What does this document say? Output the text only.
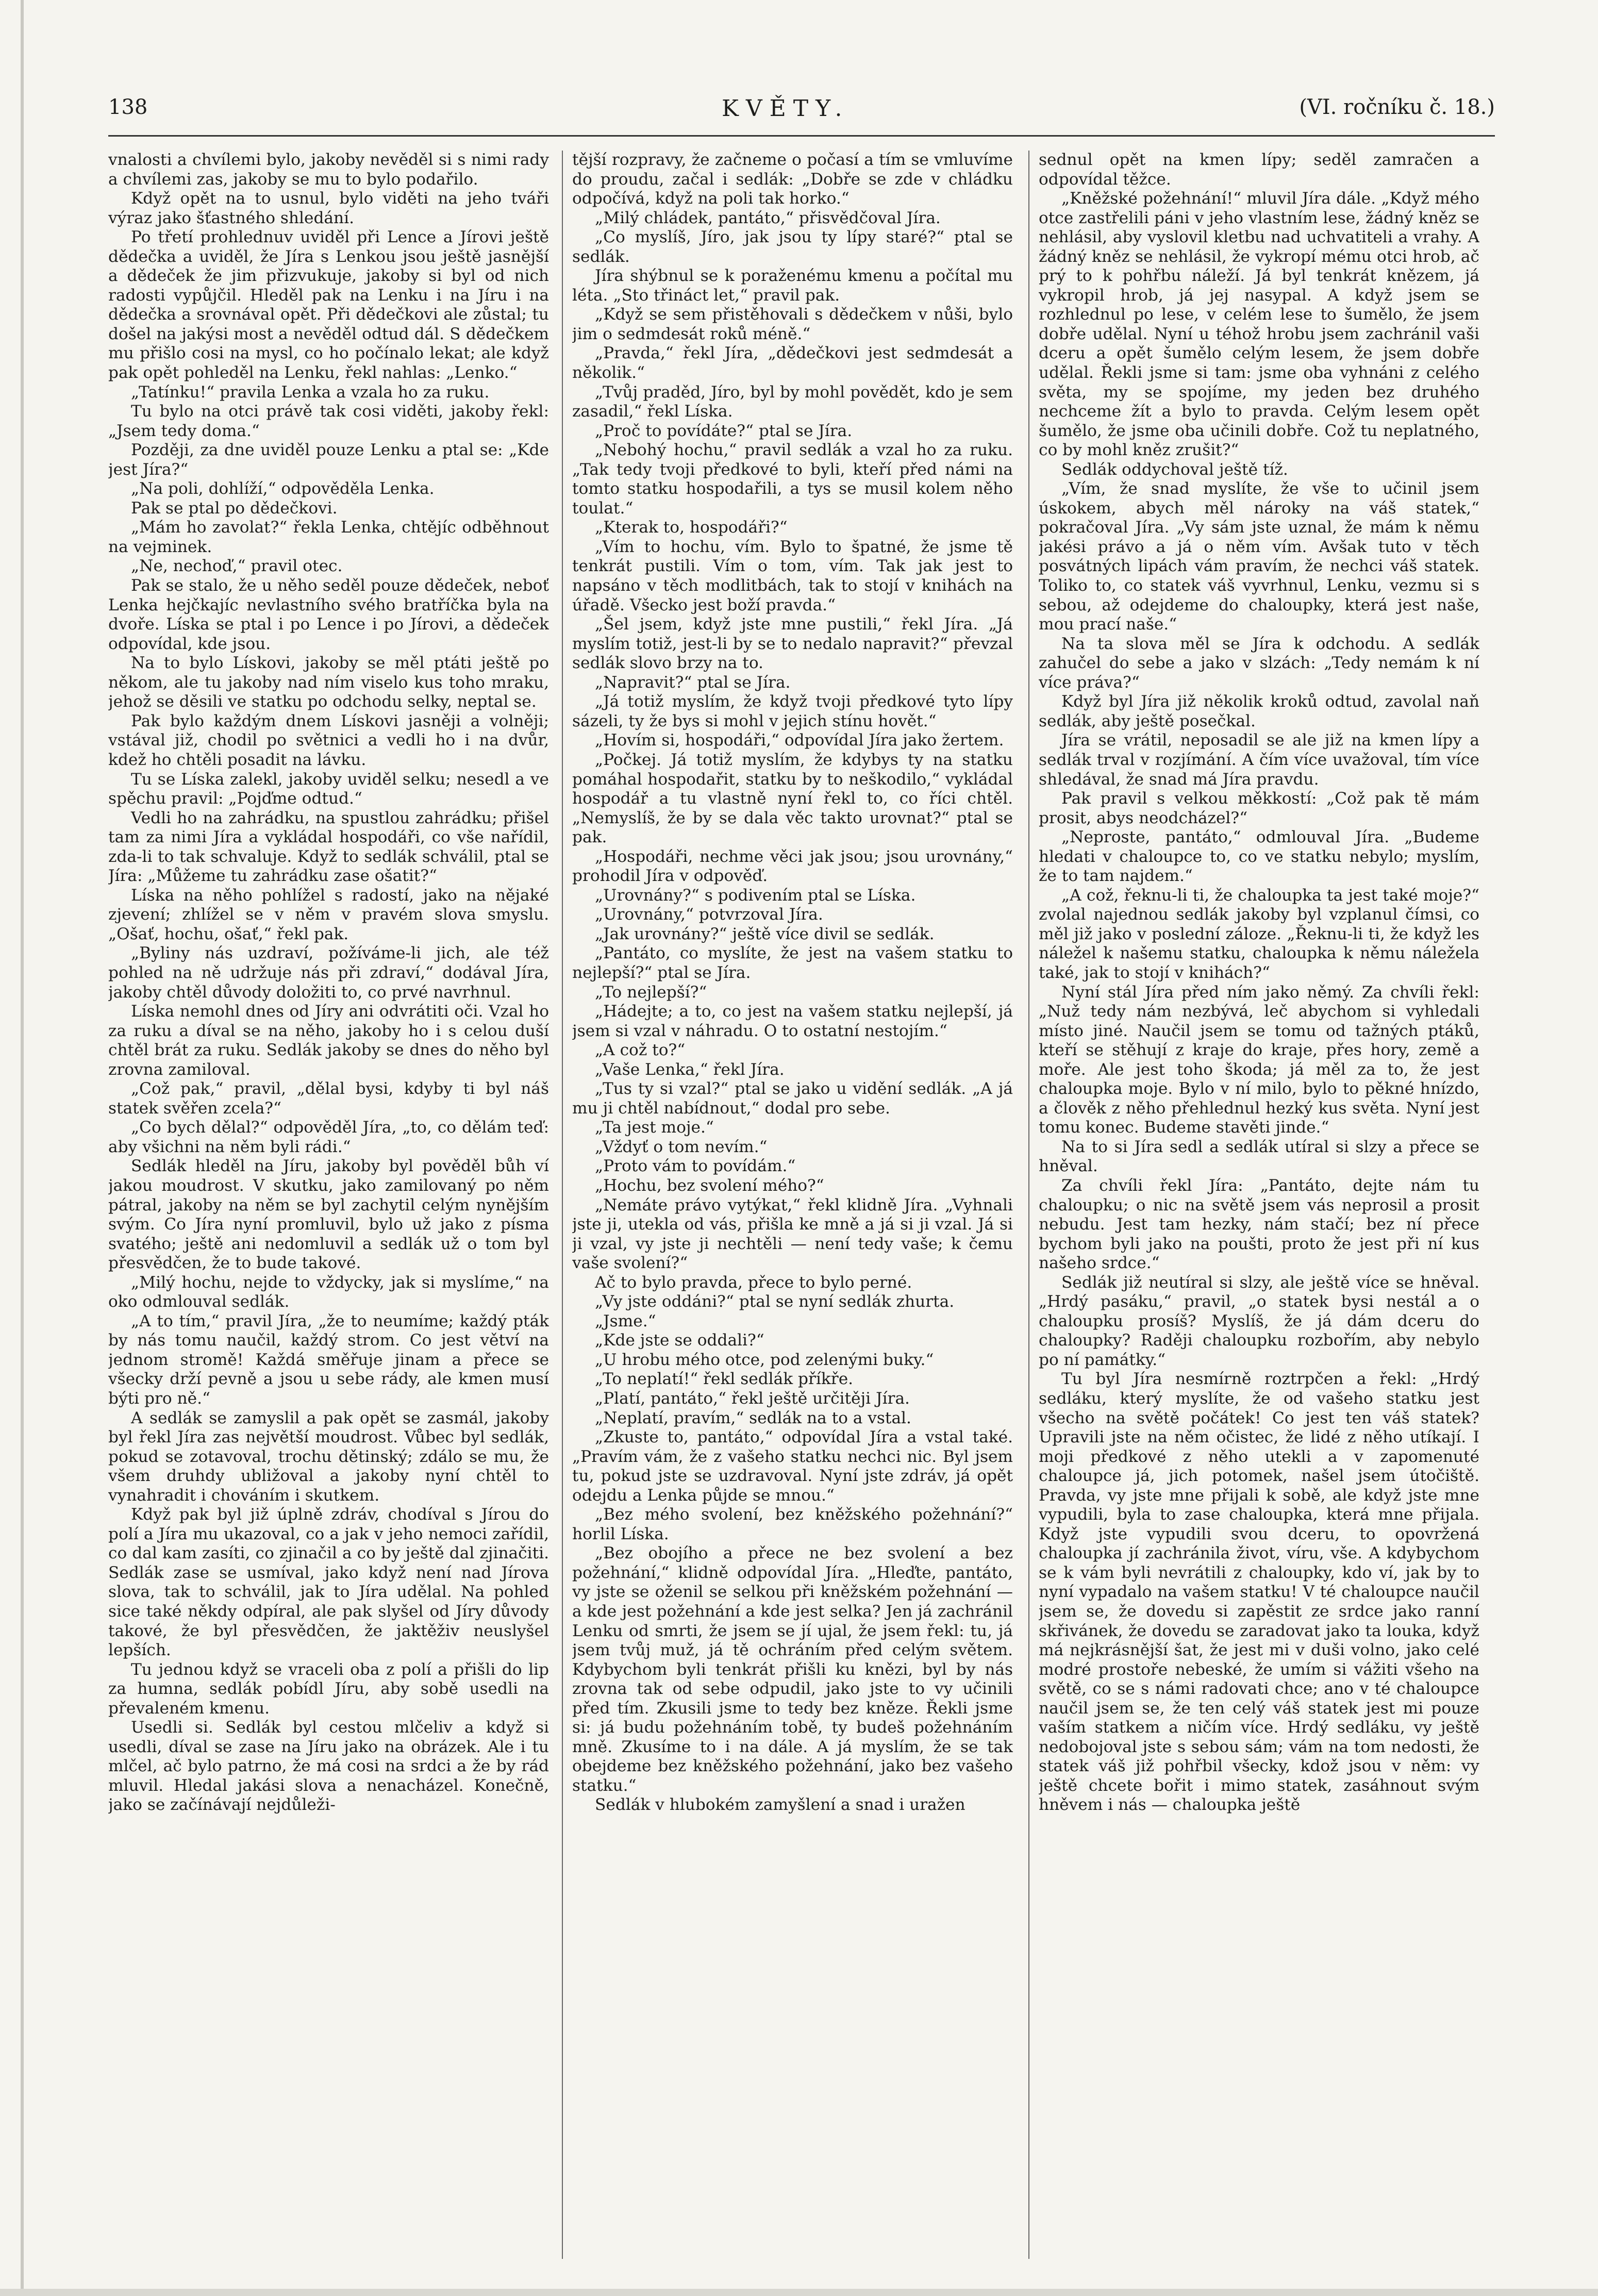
138	KVĚTY.	(VI. ročníku č. 18.)

vnalosti a chvílemi bylo, jakoby nevěděl si s nimi rady a chvílemi zas, jakoby se mu to bylo podařilo.

Když opět na to usnul, bylo viděti na jeho tváři výraz jako šťastného shledání.

Po třetí prohlednuv uviděl při Lence a Jírovi ještě dědečka a uviděl, že Jíra s Lenkou jsou ještě jasnější a dědeček že jim přizvukuje, jakoby si byl od nich radosti vypůjčil. Hleděl pak na Lenku i na Jíru i na dědečka a srovnával opět. Při dědečkovi ale zůstal; tu došel na jakýsi most a nevěděl odtud dál. S dědečkem mu přišlo cosi na mysl, co ho počínalo lekat; ale když pak opět pohleděl na Lenku, řekl nahlas: „Lenko.“

„Tatínku!“ pravila Lenka a vzala ho za ruku.

Tu bylo na otci právě tak cosi viděti, jakoby řekl: „Jsem tedy doma.“

Později, za dne uviděl pouze Lenku a ptal se: „Kde jest Jíra?“

„Na poli, dohlíží,“ odpověděla Lenka.

Pak se ptal po dědečkovi.

„Mám ho zavolat?“ řekla Lenka, chtějíc odběhnout na vejminek.

„Ne, nechoď,“ pravil otec.

Pak se stalo, že u něho seděl pouze dědeček, neboť Lenka hejčkajíc nevlastního svého bratříčka byla na dvoře. Líska se ptal i po Lence i po Jírovi, a dědeček odpovídal, kde jsou.

Na to bylo Lískovi, jakoby se měl ptáti ještě po někom, ale tu jakoby nad ním viselo kus toho mraku, jehož se děsili ve statku po odchodu selky, neptal se.

Pak bylo každým dnem Lískovi jasněji a volněji; vstával již, chodil po světnici a vedli ho i na dvůr, kdež ho chtěli posadit na lávku.

Tu se Líska zalekl, jakoby uviděl selku; nesedl a ve spěchu pravil: „Pojďme odtud.“

Vedli ho na zahrádku, na spustlou zahrádku; přišel tam za nimi Jíra a vykládal hospodáři, co vše nařídil, zda-li to tak schvaluje. Když to sedlák schválil, ptal se Jíra: „Můžeme tu zahrádku zase ošatit?“

Líska na něho pohlížel s radostí, jako na nějaké zjevení; zhlížel se v něm v pravém slova smyslu. „Ošať, hochu, ošať,“ řekl pak.

„Byliny nás uzdraví, požíváme-li jich, ale též pohled na ně udržuje nás při zdraví,“ dodával Jíra, jakoby chtěl důvody doložiti to, co prvé navrhnul.

Líska nemohl dnes od Jíry ani odvrátiti oči. Vzal ho za ruku a díval se na něho, jakoby ho i s celou duší chtěl brát za ruku. Sedlák jakoby se dnes do něho byl zrovna zamiloval.

„Což pak,“ pravil, „dělal bysi, kdyby ti byl náš statek svěřen zcela?“

„Co bych dělal?“ odpověděl Jíra, „to, co dělám teď: aby všichni na něm byli rádi.“

Sedlák hleděl na Jíru, jakoby byl pověděl bůh ví jakou moudrost. V skutku, jako zamilovaný po něm pátral, jakoby na něm se byl zachytil celým nynějším svým. Co Jíra nyní promluvil, bylo už jako z písma svatého; ještě ani nedomluvil a sedlák už o tom byl přesvědčen, že to bude takové.

„Milý hochu, nejde to vždycky, jak si myslíme,“ na oko odmlouval sedlák.

„A to tím,“ pravil Jíra, „že to neumíme; každý pták by nás tomu naučil, každý strom. Co jest větví na jednom stromě! Každá směřuje jinam a přece se všecky drží pevně a jsou u sebe rády, ale kmen musí býti pro ně.“

A sedlák se zamyslil a pak opět se zasmál, jakoby byl řekl Jíra zas největší moudrost. Vůbec byl sedlák, pokud se zotavoval, trochu dětinský; zdálo se mu, že všem druhdy ubližoval a jakoby nyní chtěl to vynahradit i chováním i skutkem.

Když pak byl již úplně zdráv, chodíval s Jírou do polí a Jíra mu ukazoval, co a jak v jeho nemoci zařídil, co dal kam zasíti, co zjinačil a co by ještě dal zjinačiti. Sedlák zase se usmíval, jako když není nad Jírova slova, tak to schválil, jak to Jíra udělal. Na pohled sice také někdy odpíral, ale pak slyšel od Jíry důvody takové, že byl přesvědčen, že jaktěživ neuslyšel lepších.

Tu jednou když se vraceli oba z polí a přišli do lip za humna, sedlák pobídl Jíru, aby sobě usedli na převaleném kmenu.

Usedli si. Sedlák byl cestou mlčeliv a když si usedli, díval se zase na Jíru jako na obrázek. Ale i tu mlčel, ač bylo patrno, že má cosi na srdci a že by rád mluvil. Hledal jakási slova a nenacházel. Konečně, jako se začínávají nejdůleži-

tější rozpravy, že začneme o počasí a tím se vmluvíme do proudu, začal i sedlák: „Dobře se zde v chládku odpočívá, když na poli tak horko.“

„Milý chládek, pantáto,“ přisvědčoval Jíra.

„Co myslíš, Jíro, jak jsou ty lípy staré?“ ptal se sedlák.

Jíra shýbnul se k poraženému kmenu a počítal mu léta. „Sto třináct let,“ pravil pak.

„Když se sem přistěhovali s dědečkem v nůši, bylo jim o sedmdesát roků méně.“

„Pravda,“ řekl Jíra, „dědečkovi jest sedmdesát a několik.“

„Tvůj praděd, Jíro, byl by mohl povědět, kdo je sem zasadil,“ řekl Líska.

„Proč to povídáte?“ ptal se Jíra.

„Nebohý hochu,“ pravil sedlák a vzal ho za ruku. „Tak tedy tvoji předkové to byli, kteří před námi na tomto statku hospodařili, a tys se musil kolem něho toulat.“

„Kterak to, hospodáři?“

„Vím to hochu, vím. Bylo to špatné, že jsme tě tenkrát pustili. Vím o tom, vím. Tak jak jest to napsáno v těch modlitbách, tak to stojí v knihách na úřadě. Všecko jest boží pravda.“

„Šel jsem, když jste mne pustili,“ řekl Jíra. „Já myslím totiž, jest-li by se to nedalo napravit?“ převzal sedlák slovo brzy na to.

„Napravit?“ ptal se Jíra.

„Já totiž myslím, že když tvoji předkové tyto lípy sázeli, ty že bys si mohl v jejich stínu hovět.“

„Hovím si, hospodáři,“ odpovídal Jíra jako žertem.

„Počkej. Já totiž myslím, že kdybys ty na statku pomáhal hospodařit, statku by to neškodilo,“ vykládal hospodář a tu vlastně nyní řekl to, co říci chtěl. „Nemyslíš, že by se dala věc takto urovnat?“ ptal se pak.

„Hospodáři, nechme věci jak jsou; jsou urovnány,“ prohodil Jíra v odpověď.

„Urovnány?“ s podivením ptal se Líska.

„Urovnány,“ potvrzoval Jíra.

„Jak urovnány?“ ještě více divil se sedlák.

„Pantáto, co myslíte, že jest na vašem statku to nejlepší?“ ptal se Jíra.

„To nejlepší?“

„Hádejte; a to, co jest na vašem statku nejlepší, já jsem si vzal v náhradu. O to ostatní nestojím.“

„A což to?“

„Vaše Lenka,“ řekl Jíra.

„Tus ty si vzal?“ ptal se jako u vidění sedlák. „A já mu ji chtěl nabídnout,“ dodal pro sebe.

„Ta jest moje.“

„Vždyť o tom nevím.“

„Proto vám to povídám.“

„Hochu, bez svolení mého?“

„Nemáte právo vytýkat,“ řekl klidně Jíra. „Vyhnali jste ji, utekla od vás, přišla ke mně a já si ji vzal. Já si ji vzal, vy jste ji nechtěli — není tedy vaše; k čemu vaše svolení?“

Ač to bylo pravda, přece to bylo perné.

„Vy jste oddáni?“ ptal se nyní sedlák zhurta.

„Jsme.“

„Kde jste se oddali?“

„U hrobu mého otce, pod zelenými buky.“

„To neplatí!“ řekl sedlák příkře.

„Platí, pantáto,“ řekl ještě určitěji Jíra.

„Neplatí, pravím,“ sedlák na to a vstal.

„Zkuste to, pantáto,“ odpovídal Jíra a vstal také. „Pravím vám, že z vašeho statku nechci nic. Byl jsem tu, pokud jste se uzdravoval. Nyní jste zdráv, já opět odejdu a Lenka půjde se mnou.“

„Bez mého svolení, bez kněžského požehnání?“ horlil Líska.

„Bez obojího a přece ne bez svolení a bez požehnání,“ klidně odpovídal Jíra. „Hleďte, pantáto, vy jste se oženil se selkou při kněžském požehnání — a kde jest požehnání a kde jest selka? Jen já zachránil Lenku od smrti, že jsem se jí ujal, že jsem řekl: tu, já jsem tvůj muž, já tě ochráním před celým světem. Kdybychom byli tenkrát přišli ku knězi, byl by nás zrovna tak od sebe odpudil, jako jste to vy učinili před tím. Zkusili jsme to tedy bez kněze. Řekli jsme si: já budu požehnáním tobě, ty budeš požehnáním mně. Zkusíme to i na dále. A já myslím, že se tak obejdeme bez kněžského požehnání, jako bez vašeho statku.“

Sedlák v hlubokém zamyšlení a snad i uražen

sednul opět na kmen lípy; seděl zamračen a odpovídal těžce.

„Kněžské požehnání!“ mluvil Jíra dále. „Když mého otce zastřelili páni v jeho vlastním lese, žádný kněz se nehlásil, aby vyslovil kletbu nad uchvatiteli a vrahy. A žádný kněz se nehlásil, že vykropí mému otci hrob, ač prý to k pohřbu náleží. Já byl tenkrát knězem, já vykropil hrob, já jej nasypal. A když jsem se rozhlednul po lese, v celém lese to šumělo, že jsem dobře udělal. Nyní u téhož hrobu jsem zachránil vaši dceru a opět šumělo celým lesem, že jsem dobře udělal. Řekli jsme si tam: jsme oba vyhnáni z celého světa, my se spojíme, my jeden bez druhého nechceme žít a bylo to pravda. Celým lesem opět šumělo, že jsme oba učinili dobře. Což tu neplatného, co by mohl kněz zrušit?“

Sedlák oddychoval ještě tíž.

„Vím, že snad myslíte, že vše to učinil jsem úskokem, abych měl nároky na váš statek,“ pokračoval Jíra. „Vy sám jste uznal, že mám k němu jakési právo a já o něm vím. Avšak tuto v těch posvátných lipách vám pravím, že nechci váš statek. Toliko to, co statek váš vyvrhnul, Lenku, vezmu si s sebou, až odejdeme do chaloupky, která jest naše, mou prací naše.“

Na ta slova měl se Jíra k odchodu. A sedlák zahučel do sebe a jako v slzách: „Tedy nemám k ní více práva?“

Když byl Jíra již několik kroků odtud, zavolal naň sedlák, aby ještě posečkal.

Jíra se vrátil, neposadil se ale již na kmen lípy a sedlák trval v rozjímání. A čím více uvažoval, tím více shledával, že snad má Jíra pravdu.

Pak pravil s velkou měkkostí: „Což pak tě mám prosit, abys neodcházel?“

„Neproste, pantáto,“ odmlouval Jíra. „Budeme hledati v chaloupce to, co ve statku nebylo; myslím, že to tam najdem.“

„A což, řeknu-li ti, že chaloupka ta jest také moje?“ zvolal najednou sedlák jakoby byl vzplanul čímsi, co měl již jako v poslední záloze. „Řeknu-li ti, že když les náležel k našemu statku, chaloupka k němu náležela také, jak to stojí v knihách?“

Nyní stál Jíra před ním jako němý. Za chvíli řekl: „Nuž tedy nám nezbývá, leč abychom si vyhledali místo jiné. Naučil jsem se tomu od tažných ptáků, kteří se stěhují z kraje do kraje, přes hory, země a moře. Ale jest toho škoda; já měl za to, že jest chaloupka moje. Bylo v ní milo, bylo to pěkné hnízdo, a člověk z něho přehlednul hezký kus světa. Nyní jest tomu konec. Budeme stavěti jinde.“

Na to si Jíra sedl a sedlák utíral si slzy a přece se hněval.

Za chvíli řekl Jíra: „Pantáto, dejte nám tu chaloupku; o nic na světě jsem vás neprosil a prosit nebudu. Jest tam hezky, nám stačí; bez ní přece bychom byli jako na poušti, proto že jest při ní kus našeho srdce.“

Sedlák již neutíral si slzy, ale ještě více se hněval. „Hrdý pasáku,“ pravil, „o statek bysi nestál a o chaloupku prosíš? Myslíš, že já dám dceru do chaloupky? Raději chaloupku rozbořím, aby nebylo po ní památky.“

Tu byl Jíra nesmírně roztrpčen a řekl: „Hrdý sedláku, který myslíte, že od vašeho statku jest všecho na světě počátek! Co jest ten váš statek? Upravili jste na něm očistec, že lidé z něho utíkají. I moji předkové z něho utekli a v zapomenuté chaloupce já, jich potomek, našel jsem útočiště. Pravda, vy jste mne přijali k sobě, ale když jste mne vypudili, byla to zase chaloupka, která mne přijala. Když jste vypudili svou dceru, to opovržená chaloupka jí zachránila život, víru, vše. A kdybychom se k vám byli nevrátili z chaloupky, kdo ví, jak by to nyní vypadalo na vašem statku! V té chaloupce naučil jsem se, že dovedu si zapěstit ze srdce jako ranní skřivánek, že dovedu se zaradovat jako ta louka, když má nejkrásnější šat, že jest mi v duši volno, jako celé modré prostoře nebeské, že umím si vážiti všeho na světě, co se s námi radovati chce; ano v té chaloupce naučil jsem se, že ten celý váš statek jest mi pouze vaším statkem a ničím více. Hrdý sedláku, vy ještě nedobojoval jste s sebou sám; vám na tom nedosti, že statek váš již pohřbil všecky, kdož jsou v něm: vy ještě chcete bořit i mimo statek, zasáhnout svým hněvem i nás — chaloupka ještě
